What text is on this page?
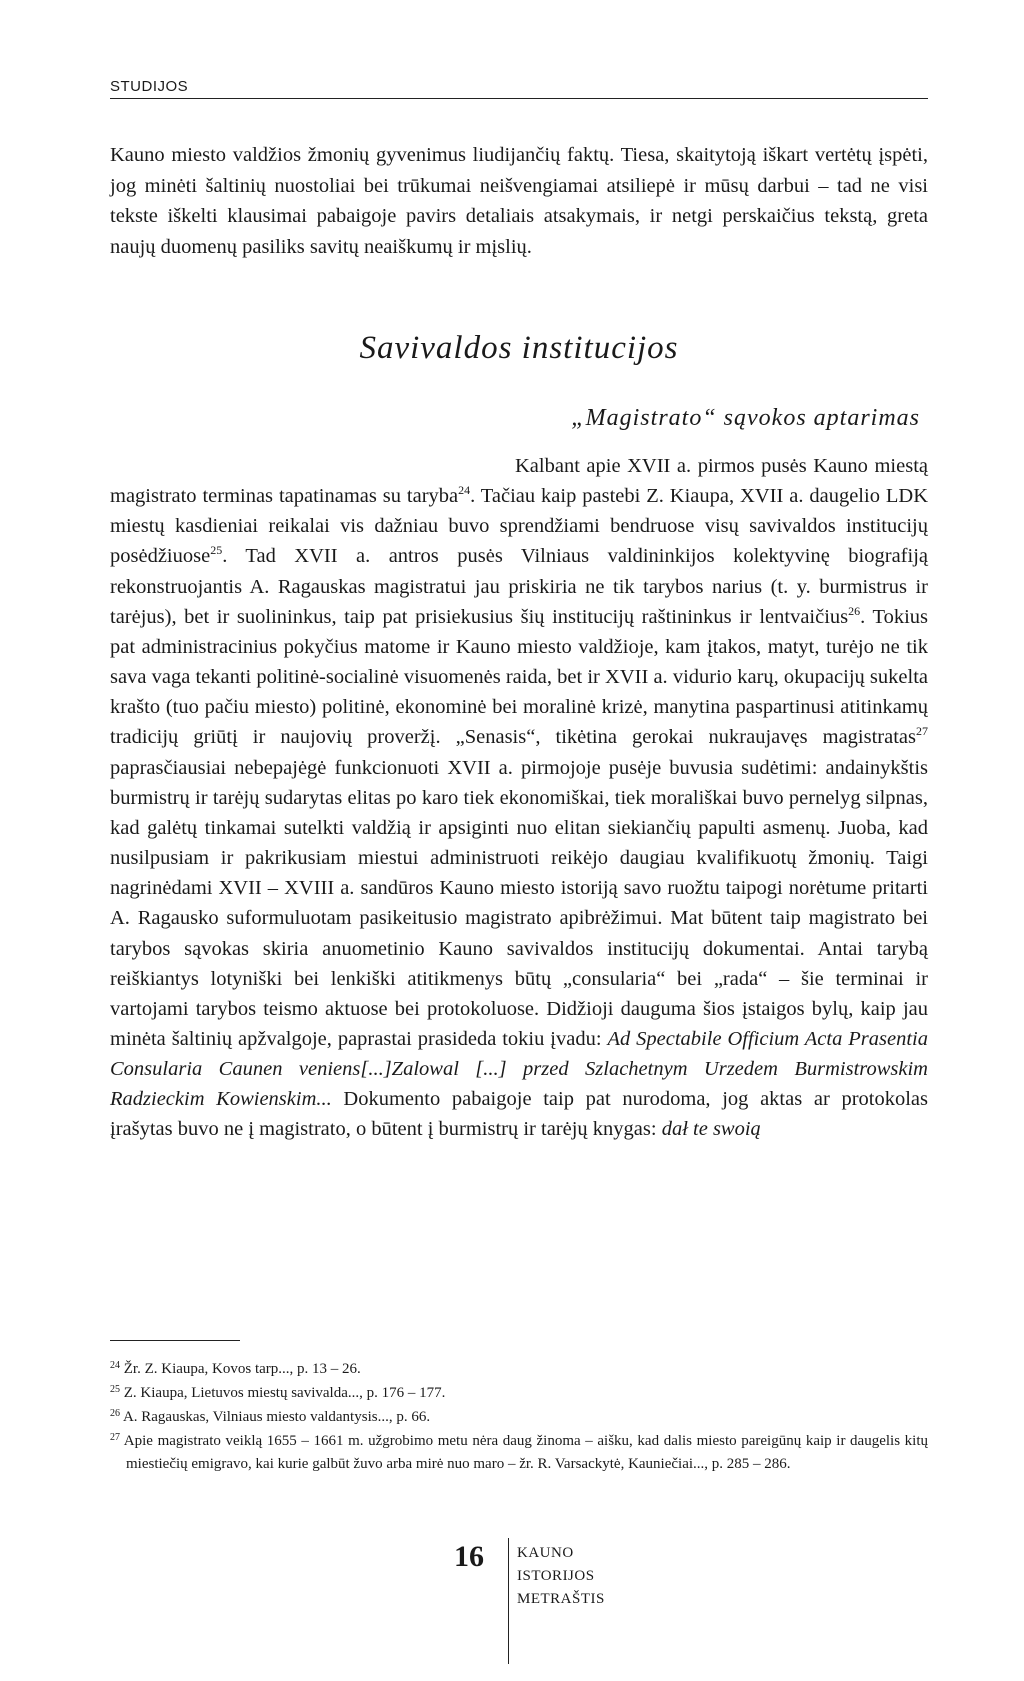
STUDIJOS

Kauno miesto valdžios žmonių gyvenimus liudijančių faktų. Tiesa, skaitytoją iškart vertėtų įspėti, jog minėti šaltinių nuostoliai bei trūkumai neišvengiamai atsiliepė ir mūsų darbui – tad ne visi tekste iškelti klausimai pabaigoje pavirs detaliais atsakymais, ir netgi perskaičius tekstą, greta naujų duomenų pasiliks savitų neaiškumų ir mįslių.

Savivaldos institucijos
„Magistrato“ sąvokos aptarimas

Kalbant apie XVII a. pirmos pusės Kauno miestą magistrato terminas tapatinamas su taryba$^{24}$. Tačiau kaip pastebi Z. Kiaupa, XVII a. daugelio LDK miestų kasdieniai reikalai vis dažniau buvo sprendžiami bendruose visų savivaldos institucijų posėdžiuose$^{25}$. Tad XVII a. antros pusės Vilniaus valdininkijos kolektyvinę biografiją rekonstruojantis A. Ragauskas magistratui jau priskiria ne tik tarybos narius (t. y. burmistrus ir tarėjus), bet ir suolininkus, taip pat prisiekusius šių institucijų raštininkus ir lentvaičius$^{26}$. Tokius pat administracinius pokyčius matome ir Kauno miesto valdžioje, kam įtakos, matyt, turėjo ne tik sava vaga tekanti politinė-socialinė visuomenės raida, bet ir XVII a. vidurio karų, okupacijų sukelta krašto (tuo pačiu miesto) politinė, ekonominė bei moralinė krizė, manytina paspartinusi atitinkamų tradicijų griūtį ir naujovių proveržį. „Senasis“, tikėtina gerokai nukraujavęs magistratas$^{27}$ paprasčiausiai nebepajėgė funkcionuoti XVII a. pirmojoje pusėje buvusia sudėtimi: andainykštis burmistrų ir tarėjų sudarytas elitas po karo tiek ekonomiškai, tiek morališkai buvo pernelyg silpnas, kad galėtų tinkamai sutelkti valdžią ir apsiginti nuo elitan siekiančių papulti asmenų. Juoba, kad nusilpusiam ir pakrikusiam miestui administruoti reikėjo daugiau kvalifikuotų žmonių. Taigi nagrinėdami XVII – XVIII a. sandūros Kauno miesto istoriją savo ruožtu taipogi norėtume pritarti A. Ragausko suformuluotam pasikeitusio magistrato apibrėžimui. Mat būtent taip magistrato bei tarybos sąvokas skiria anuometinio Kauno savivaldos institucijų dokumentai. Antai tarybą reiškiantys lotyniški bei lenkiški atitikmenys būtų „consularia“ bei „rada“ – šie terminai ir vartojami tarybos teismo aktuose bei protokoluose. Didžioji dauguma šios įstaigos bylų, kaip jau minėta šaltinių apžvalgoje, paprastai prasideda tokiu įvadu: Ad Spectabile Officium Acta Prasentia Consularia Caunen veniens[...]Zalowal [...] przed Szlachetnym Urzedem Burmistrowskim Radzieckim Kowienskim... Dokumento pabaigoje taip pat nurodoma, jog aktas ar protokolas įrašytas buvo ne į magistrato, o būtent į burmistrų ir tarėjų knygas: dał te swoią

$^{24}$ Žr. Z. Kiaupa, Kovos tarp..., p. 13 – 26.

$^{25}$ Z. Kiaupa, Lietuvos miestų savivalda..., p. 176 – 177.

$^{26}$ A. Ragauskas, Vilniaus miesto valdantysis..., p. 66.

$^{27}$ Apie magistrato veiklą 1655 – 1661 m. užgrobimo metu nėra daug žinoma – aišku, kad dalis miesto pareigūnų kaip ir daugelis kitų miestiečių emigravo, kai kurie galbūt žuvo arba mirė nuo maro – žr. R. Varsackytė, Kauniečiai..., p. 285 – 286.

16 KAUNO
ISTORIJOS
METRAŠTIS
